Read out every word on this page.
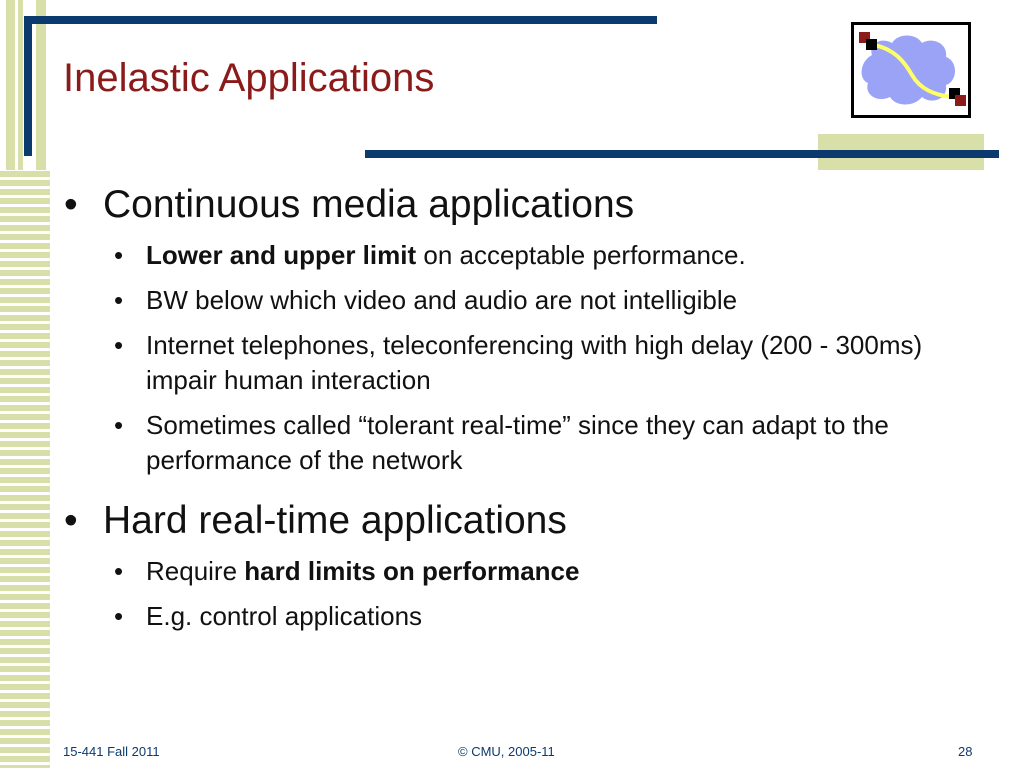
Inelastic Applications
• Continuous media applications
• Lower and upper limit on acceptable performance.
• BW below which video and audio are not intelligible
• Internet telephones, teleconferencing with high delay (200 - 300ms) impair human interaction
• Sometimes called “tolerant real-time” since they can adapt to the performance of the network
• Hard real-time applications
• Require hard limits on performance
• E.g. control applications
15-441 Fall 2011	© CMU, 2005-11	28
